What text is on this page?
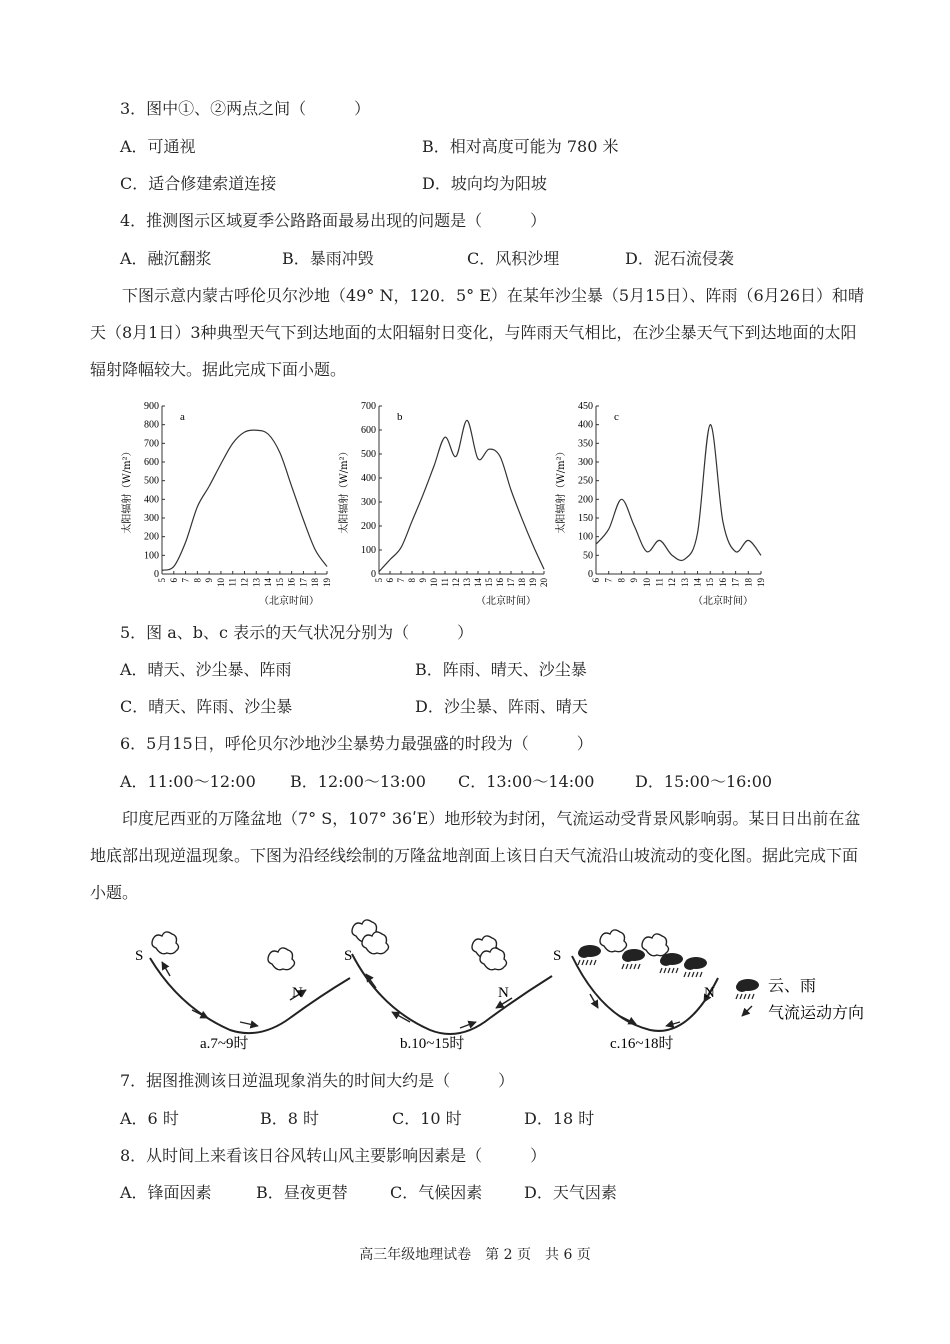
3．图中①、②两点之间（　　　）
A．可通视	B．相对高度可能为 780 米
C．适合修建索道连接	D．坡向均为阳坡
4．推测图示区域夏季公路路面最易出现的问题是（　　　）
A．融沉翻浆	B．暴雨冲毁	C．风积沙埋	D．泥石流侵袭
下图示意内蒙古呼伦贝尔沙地（49° N，120．5° E）在某年沙尘暴（5月15日）、阵雨（6月26日）和晴天（8月1日）3种典型天气下到达地面的太阳辐射日变化，与阵雨天气相比，在沙尘暴天气下到达地面的太阳辐射降幅较大。据此完成下面小题。
0
100
200
300
400
500
600
700
800
900
5 6 7 8 9 10 11 12 13 14 15 16 17 18 19
a
太阳辐射（W/m²）
（北京时间）
0
100
200
300
400
500
600
700
5 6 7 8 9 10 11 12 13 14 15 16 17 18 19 20
b
太阳辐射（W/m²）
（北京时间）
0
50
100
150
200
250
300
350
400
450
6 7 8 9 10 11 12 13 14 15 16 17 18 19
c
太阳辐射（W/m²）
（北京时间）
5．图 a、b、c 表示的天气状况分别为（　　　）
A．晴天、沙尘暴、阵雨	B．阵雨、晴天、沙尘暴
C．晴天、阵雨、沙尘暴	D．沙尘暴、阵雨、晴天
6．5月15日，呼伦贝尔沙地沙尘暴势力最强盛的时段为（　　　）
A．11:00～12:00 B．12:00～13:00 C．13:00～14:00	D．15:00～16:00
印度尼西亚的万隆盆地（7° S，107° 36ʹE）地形较为封闭，气流运动受背景风影响弱。某日日出前在盆地底部出现逆温现象。下图为沿经线绘制的万隆盆地剖面上该日白天气流沿山坡流动的变化图。据此完成下面小题。
S
N
a.7~9时
S
N
b.10~15时
S
N
c.16~18时
云、雨
气流运动方向
7．据图推测该日逆温现象消失的时间大约是（　　　）
A．6 时	B．8 时	C．10 时	D．18 时
8．从时间上来看该日谷风转山风主要影响因素是（　　　）
A．锋面因素	B．昼夜更替	C．气候因素	D．天气因素
高三年级地理试卷　第 2 页　共 6 页
